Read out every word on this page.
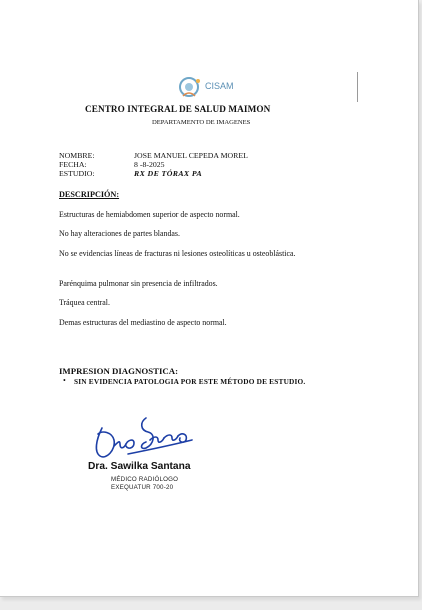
CISAM
CENTRO INTEGRAL DE SALUD MAIMON
DEPARTAMENTO DE IMAGENES
NOMBRE:	JOSE MANUEL CEPEDA MOREL
FECHA:	8 -8-2025
ESTUDIO:	RX DE TÓRAX PA
DESCRIPCIÓN:
Estructuras de hemiabdomen superior de aspecto normal.
No hay alteraciones de partes blandas.
No se evidencias líneas de fracturas ni lesiones osteolíticas u osteoblástica.
Parénquima pulmonar sin presencia de infiltrados.
Tráquea central.
Demas estructuras del mediastino de aspecto normal.
IMPRESION DIAGNOSTICA:
• SIN EVIDENCIA PATOLOGIA POR ESTE MÉTODO DE ESTUDIO.
Dra. Sawilka Santana
MÉDICO RADIÓLOGO
EXEQUATUR 700-20
